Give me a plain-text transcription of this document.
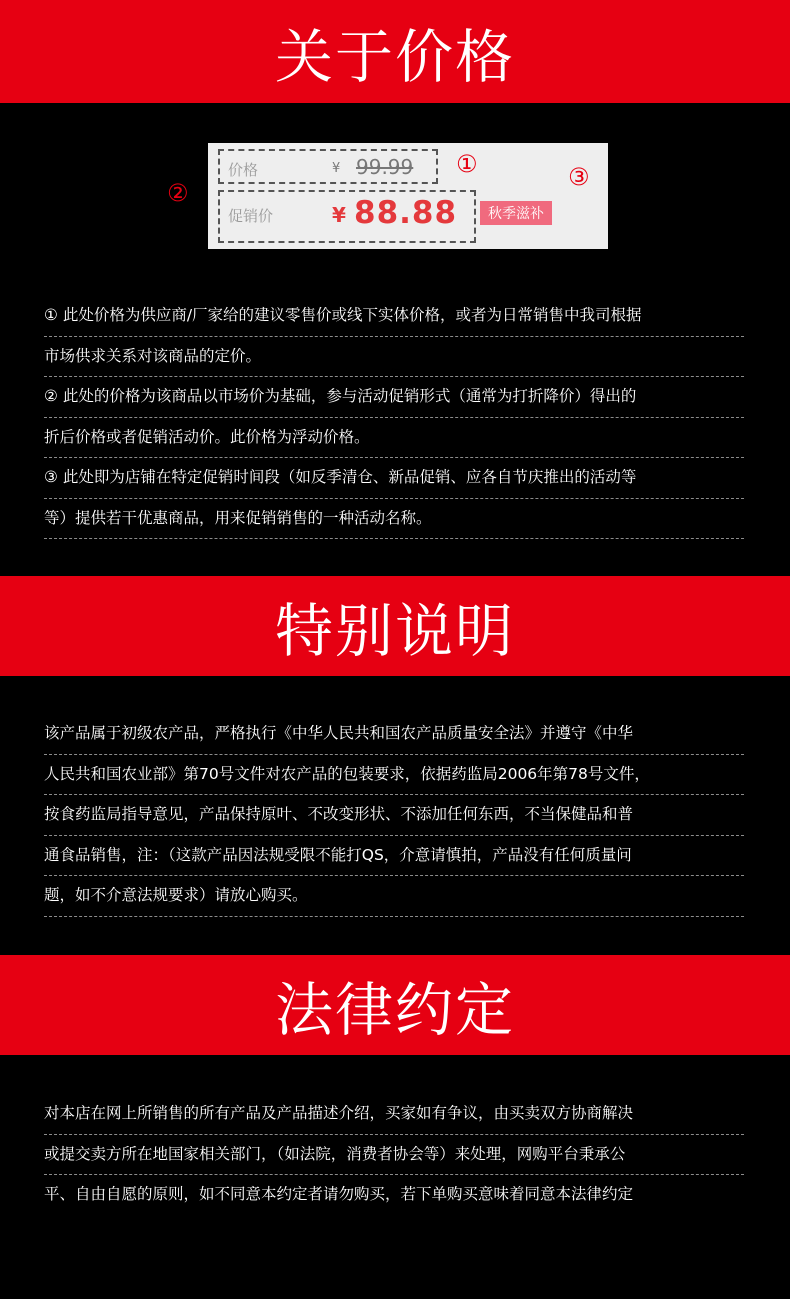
关于价格
价格	¥ 99.99
促销价	¥ 88.88	秋季滋补
①
②
③
① 此处价格为供应商/厂家给的建议零售价或线下实体价格，或者为日常销售中我司根据
市场供求关系对该商品的定价。
② 此处的价格为该商品以市场价为基础，参与活动促销形式（通常为打折降价）得出的
折后价格或者促销活动价。此价格为浮动价格。
③ 此处即为店铺在特定促销时间段（如反季清仓、新品促销、应各自节庆推出的活动等
等）提供若干优惠商品，用来促销销售的一种活动名称。
特别说明
该产品属于初级农产品，严格执行《中华人民共和国农产品质量安全法》并遵守《中华
人民共和国农业部》第70号文件对农产品的包装要求，依据药监局2006年第78号文件，
按食药监局指导意见，产品保持原叶、不改变形状、不添加任何东西，不当保健品和普
通食品销售，注：（这款产品因法规受限不能打QS，介意请慎拍，产品没有任何质量问
题，如不介意法规要求）请放心购买。
法律约定
对本店在网上所销售的所有产品及产品描述介绍，买家如有争议，由买卖双方协商解决
或提交卖方所在地国家相关部门，（如法院，消费者协会等）来处理，网购平台秉承公
平、自由自愿的原则，如不同意本约定者请勿购买，若下单购买意味着同意本法律约定
